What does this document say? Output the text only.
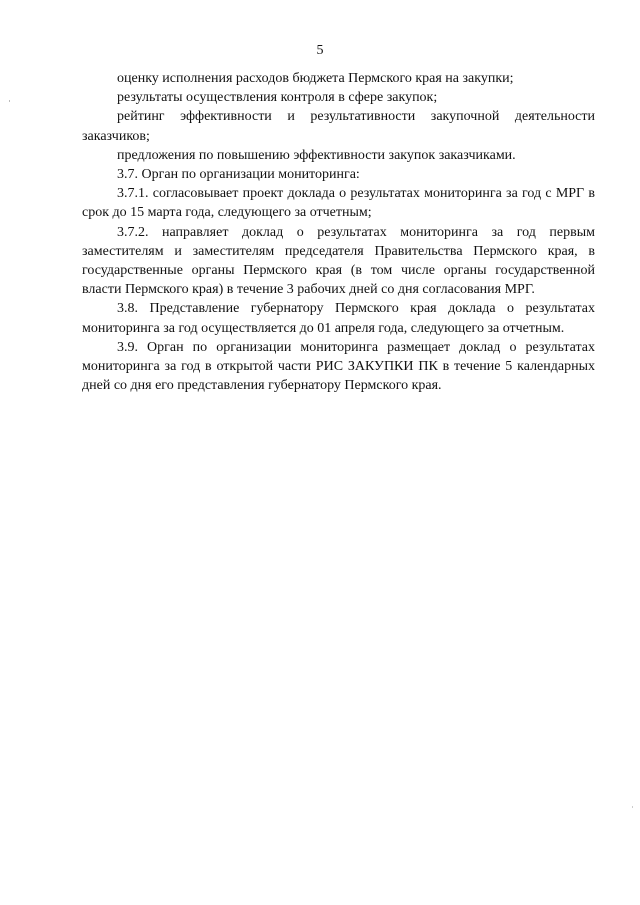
5

оценку исполнения расходов бюджета Пермского края на закупки;

результаты осуществления контроля в сфере закупок;

рейтинг эффективности и результативности закупочной деятельности заказчиков;

предложения по повышению эффективности закупок заказчиками.

3.7. Орган по организации мониторинга:

3.7.1. согласовывает проект доклада о результатах мониторинга за год с МРГ в срок до 15 марта года, следующего за отчетным;

3.7.2. направляет доклад о результатах мониторинга за год первым заместителям и заместителям председателя Правительства Пермского края, в государственные органы Пермского края (в том числе органы государственной власти Пермского края) в течение 3 рабочих дней со дня согласования МРГ.

3.8. Представление губернатору Пермского края доклада о результатах мониторинга за год осуществляется до 01 апреля года, следующего за отчетным.

3.9. Орган по организации мониторинга размещает доклад о результатах мониторинга за год в открытой части РИС ЗАКУПКИ ПК в течение 5 календарных дней со дня его представления губернатору Пермского края.
